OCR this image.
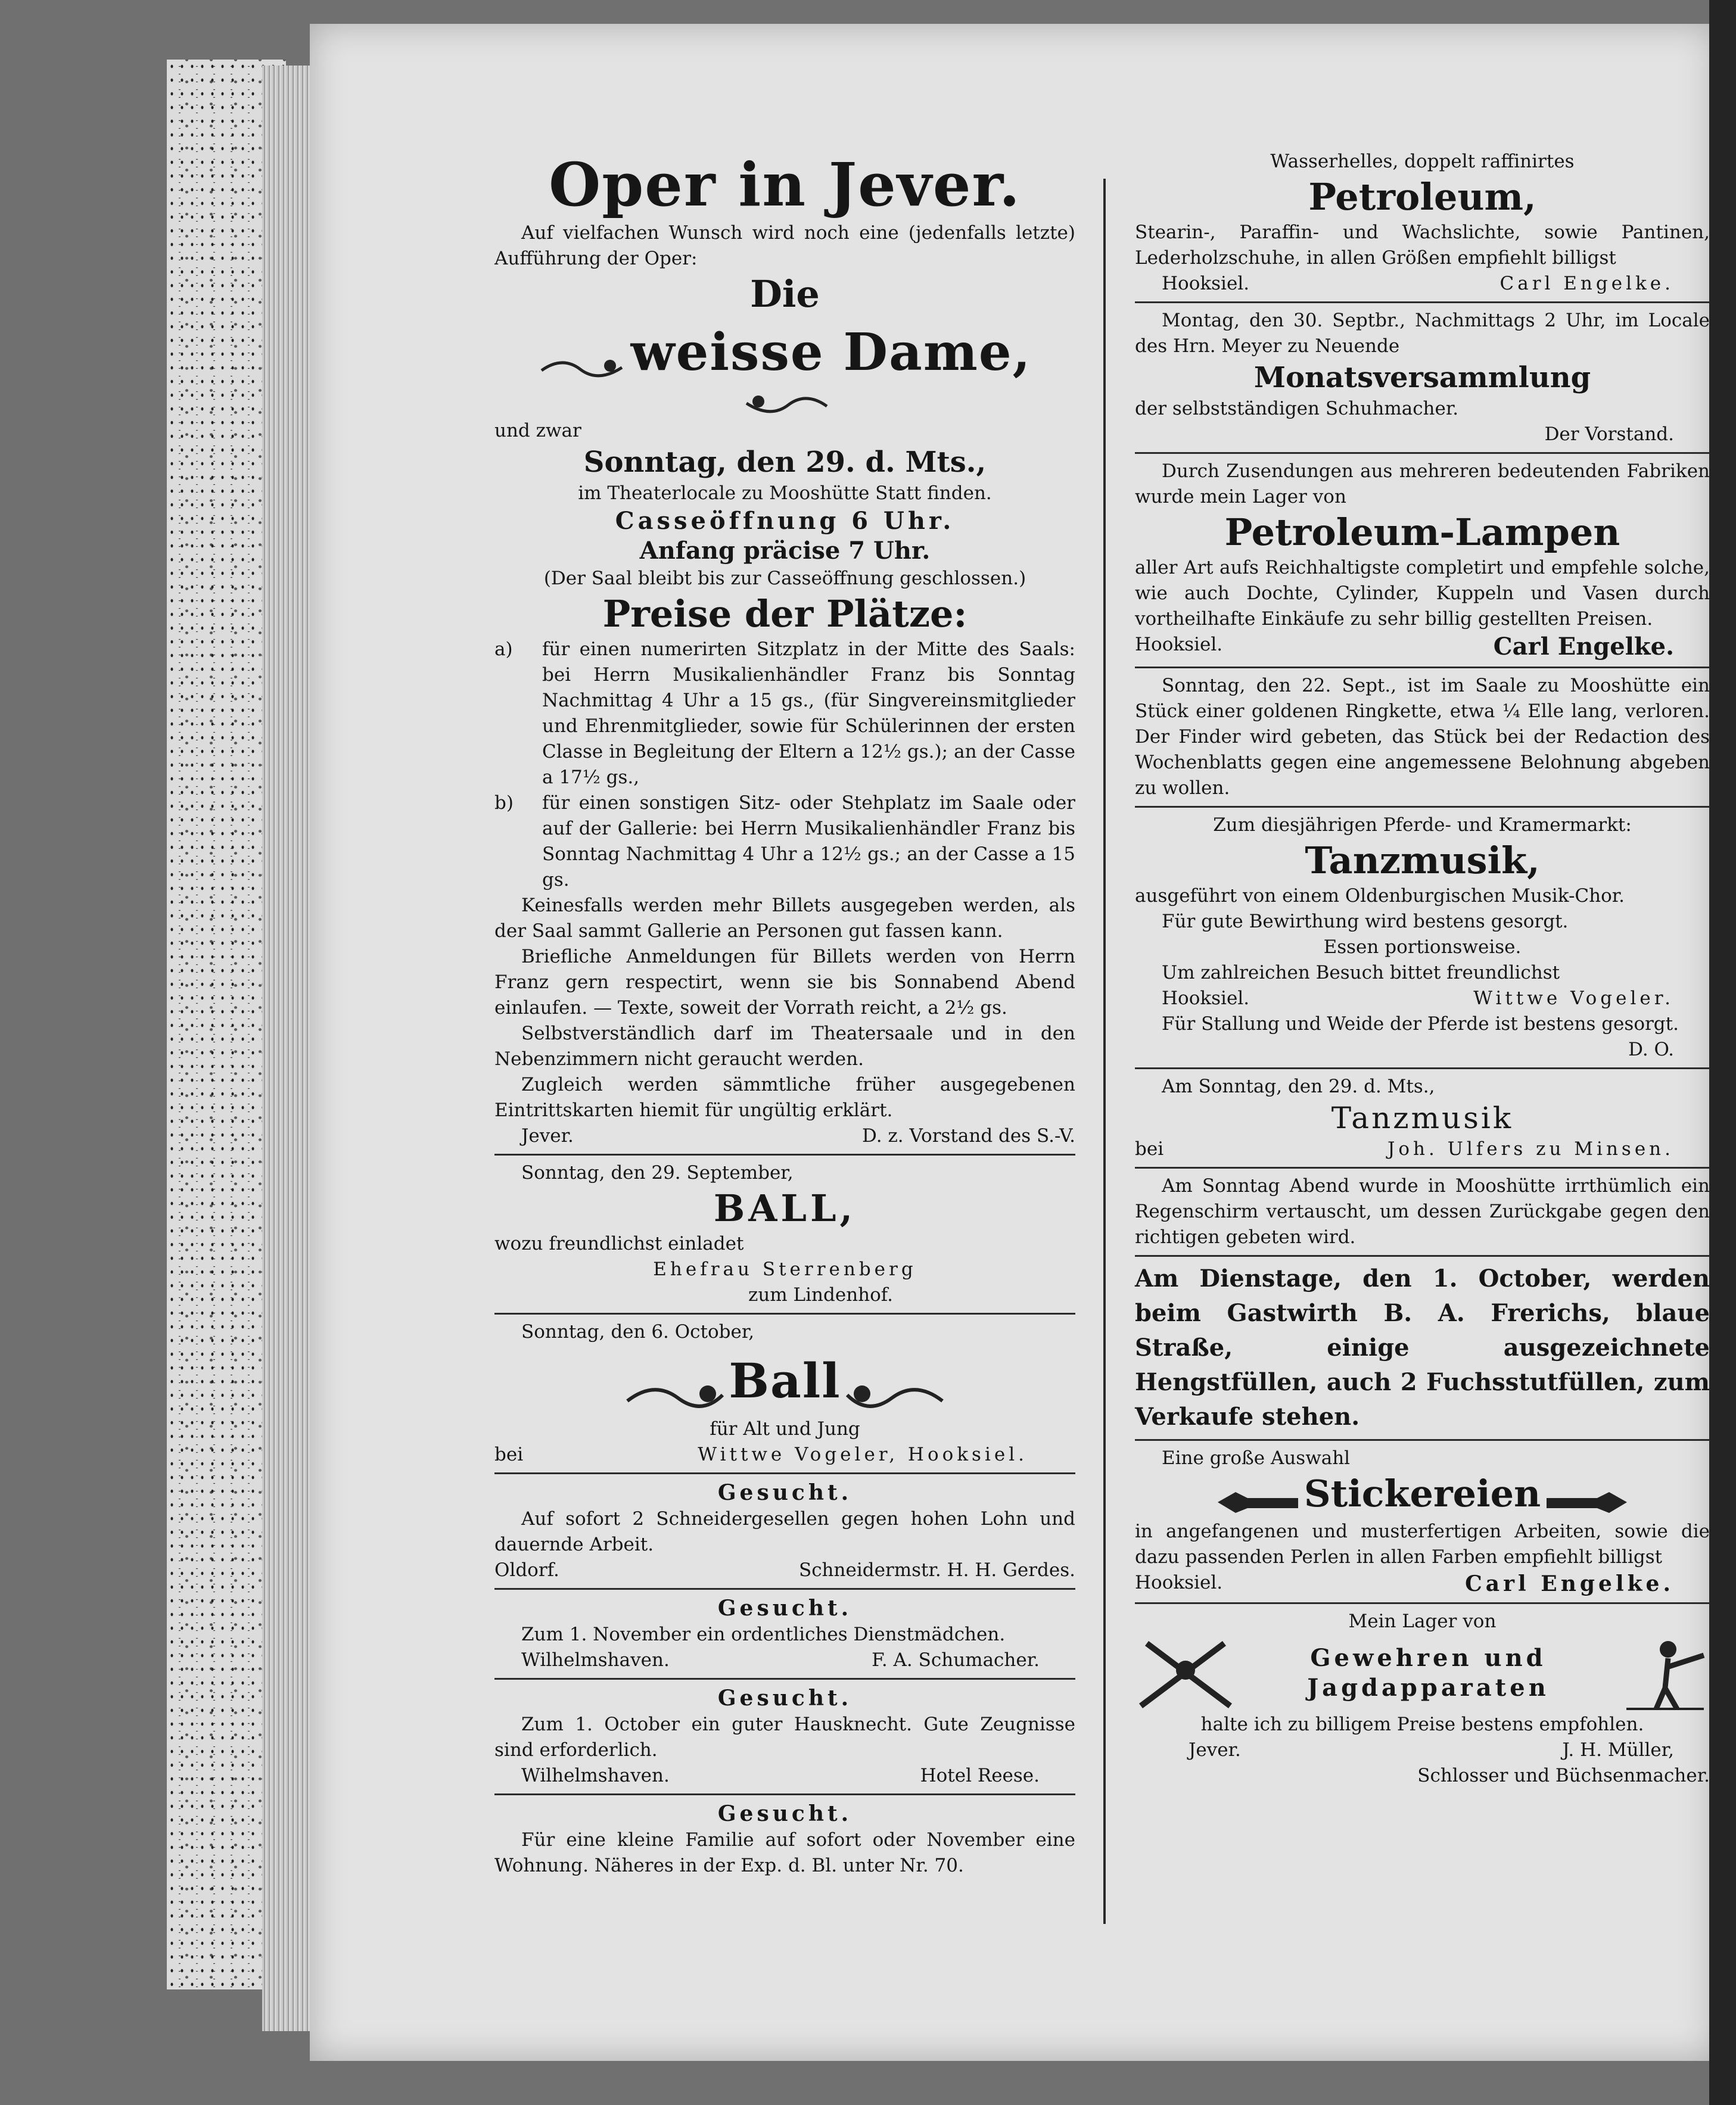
Oper in Jever.

Auf vielfachen Wunsch wird noch eine (jedenfalls letzte) Aufführung der Oper:

Die
weisse Dame,

und zwar

Sonntag, den 29. d. Mts.,

im Theaterlocale zu Mooshütte Statt finden.

Casseöffnung 6 Uhr.
Anfang präcise 7 Uhr.

(Der Saal bleibt bis zur Casseöffnung geschlossen.)

Preise der Plätze:
a)	für einen numerirten Sitzplatz in der Mitte des Saals: bei Herrn Musikalienhändler Franz bis Sonntag Nachmittag 4 Uhr a 15 gs., (für Singvereinsmitglieder und Ehrenmitglieder, sowie für Schülerinnen der ersten Classe in Begleitung der Eltern a 12½ gs.); an der Casse a 17½ gs.,
b)	für einen sonstigen Sitz- oder Stehplatz im Saale oder auf der Gallerie: bei Herrn Musikalienhändler Franz bis Sonntag Nachmittag 4 Uhr a 12½ gs.; an der Casse a 15 gs.

Keinesfalls werden mehr Billets ausgegeben werden, als der Saal sammt Gallerie an Personen gut fassen kann.

Briefliche Anmeldungen für Billets werden von Herrn Franz gern respectirt, wenn sie bis Sonnabend Abend einlaufen. — Texte, soweit der Vorrath reicht, a 2½ gs.

Selbstverständlich darf im Theatersaale und in den Nebenzimmern nicht geraucht werden.

Zugleich werden sämmtliche früher ausgegebenen Eintrittskarten hiemit für ungültig erklärt.

Jever.	D. z. Vorstand des S.-V.

Sonntag, den 29. September,

BALL,

wozu freundlichst einladet

Ehefrau Sterrenberg

zum Lindenhof.

Sonntag, den 6. October,

Ball

für Alt und Jung

bei	Wittwe Vogeler, Hooksiel.
Gesucht.

Auf sofort 2 Schneidergesellen gegen hohen Lohn und dauernde Arbeit.

Oldorf.	Schneidermstr. H. H. Gerdes.
Gesucht.

Zum 1. November ein ordentliches Dienstmädchen.

Wilhelmshaven.	F. A. Schumacher.
Gesucht.

Zum 1. October ein guter Hausknecht. Gute Zeugnisse sind erforderlich.

Wilhelmshaven.	Hotel Reese.
Gesucht.

Für eine kleine Familie auf sofort oder November eine Wohnung. Näheres in der Exp. d. Bl. unter Nr. 70.

Wasserhelles, doppelt raffinirtes

Petroleum,

Stearin-, Paraffin- und Wachslichte, sowie Pantinen, Lederholzschuhe, in allen Größen empfiehlt billigst

Hooksiel.	Carl Engelke.

Montag, den 30. Septbr., Nachmittags 2 Uhr, im Locale des Hrn. Meyer zu Neuende

Monatsversammlung

der selbstständigen Schuhmacher.

Der Vorstand.

Durch Zusendungen aus mehreren bedeutenden Fabriken wurde mein Lager von

Petroleum-Lampen

aller Art aufs Reichhaltigste completirt und empfehle solche, wie auch Dochte, Cylinder, Kuppeln und Vasen durch vortheilhafte Einkäufe zu sehr billig gestellten Preisen.

Hooksiel.	Carl Engelke.

Sonntag, den 22. Sept., ist im Saale zu Mooshütte ein Stück einer goldenen Ringkette, etwa ¼ Elle lang, verloren. Der Finder wird gebeten, das Stück bei der Redaction des Wochenblatts gegen eine angemessene Belohnung abgeben zu wollen.

Zum diesjährigen Pferde- und Kramermarkt:

Tanzmusik,

ausgeführt von einem Oldenburgischen Musik-Chor.

Für gute Bewirthung wird bestens gesorgt.

Essen portionsweise.

Um zahlreichen Besuch bittet freundlichst

Hooksiel.	Wittwe Vogeler.

Für Stallung und Weide der Pferde ist bestens gesorgt.

D. O.

Am Sonntag, den 29. d. Mts.,

Tanzmusik
bei	Joh. Ulfers zu Minsen.

Am Sonntag Abend wurde in Mooshütte irrthümlich ein Regenschirm vertauscht, um dessen Zurückgabe gegen den richtigen gebeten wird.

Am Dienstage, den 1. October, werden beim Gastwirth B. A. Frerichs, blaue Straße, einige ausgezeichnete Hengstfüllen, auch 2 Fuchsstutfüllen, zum Verkaufe stehen.

Eine große Auswahl

Stickereien

in angefangenen und musterfertigen Arbeiten, sowie die dazu passenden Perlen in allen Farben empfiehlt billigst

Hooksiel.	Carl Engelke.

Mein Lager von

Gewehren und
Jagdapparaten

halte ich zu billigem Preise bestens empfohlen.

Jever.	J. H. Müller,

Schlosser und Büchsenmacher.
